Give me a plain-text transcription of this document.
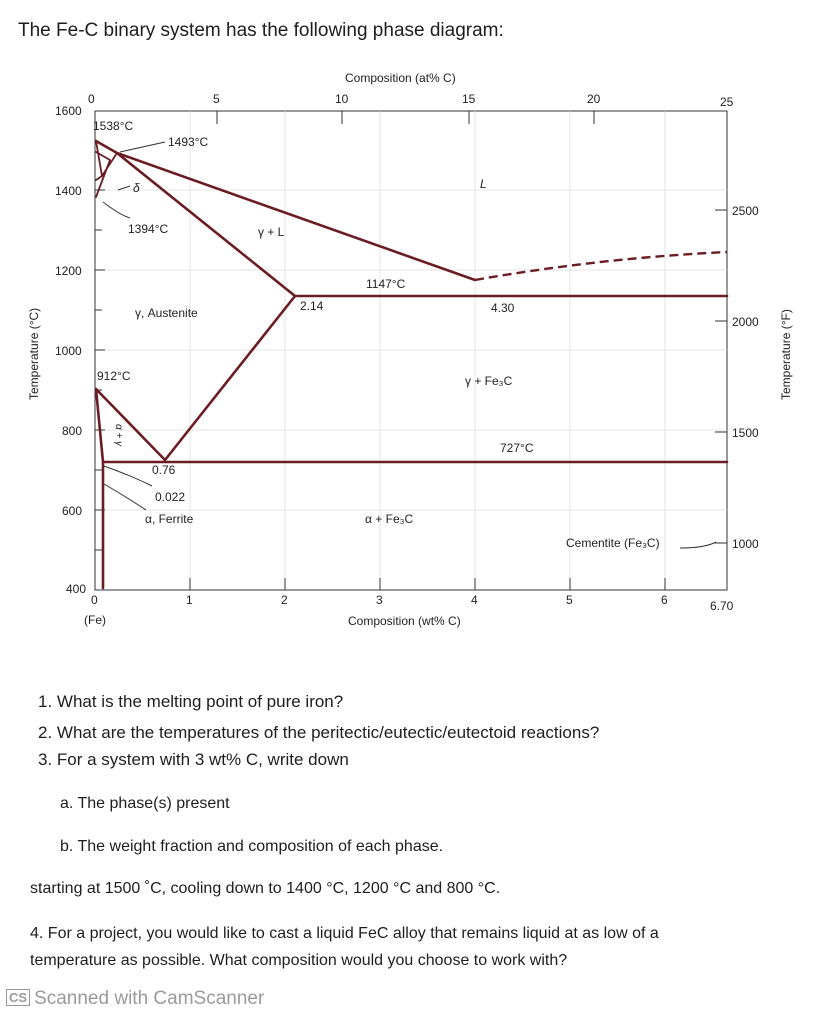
The Fe-C binary system has the following phase diagram:
1600
1400
1200
1000
800
600
400
2500
2000
1500
1000
Composition (at% C)
0	5	10	15	20	25
0	1	2	3	4	5	6	6.70
(Fe)	Composition (wt% C)
Temperature (°C)	Temperature (°F)
1538°C
1493°C
δ
1394°C
L
γ + L
1147°C
2.14	4.30
γ, Austenite
912°C	γ + Fe₃C
α + γ
727°C
0.76
0.022
α, Ferrite	α + Fe₃C
Cementite (Fe₃C)
1. What is the melting point of pure iron?
2. What are the temperatures of the peritectic/eutectic/eutectoid reactions?
3. For a system with 3 wt% C, write down
a. The phase(s) present
b. The weight fraction and composition of each phase.
starting at 1500 ˚C, cooling down to 1400 °C, 1200 °C and 800 °C.
4. For a project, you would like to cast a liquid FeC alloy that remains liquid at as low of a
temperature as possible. What composition would you choose to work with?
CS Scanned with CamScanner
